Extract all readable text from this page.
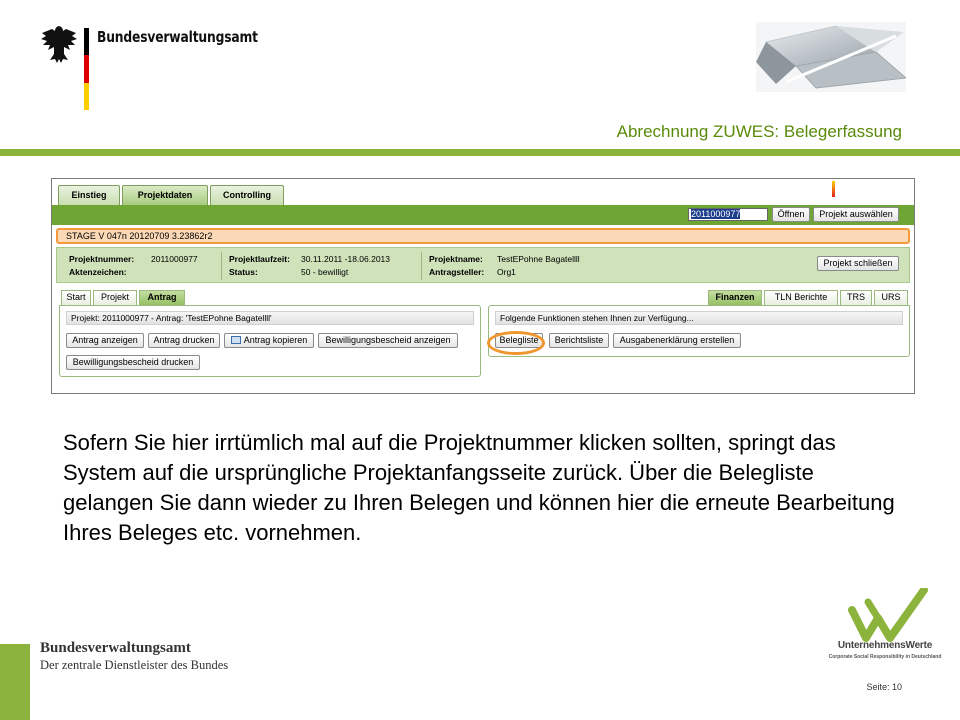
Bundesverwaltungsamt
Abrechnung ZUWES: Belegerfassung
Einstieg	Projektdaten	Controlling
2011000977	Öffnen	Projekt auswählen
STAGE V 047n 20120709 3.23862r2
Projektnummer: 2011000977
Aktenzeichen:
Projektlaufzeit: 30.11.2011 -18.06.2013
Status:	50 - bewilligt
Projektname: TestEPohne Bagatellll
Antragsteller: Org1
Projekt schließen
Start	Projekt	Antrag	Finanzen	TLN Berichte	TRS	URS
Projekt: 2011000977 - Antrag: 'TestEPohne Bagatellll'
Antrag anzeigen	Antrag drucken	Antrag kopieren	Bewilligungsbescheid anzeigen
Bewilligungsbescheid drucken
Folgende Funktionen stehen Ihnen zur Verfügung...
Belegliste	Berichtsliste	Ausgabenerklärung erstellen
Sofern Sie hier irrtümlich mal auf die Projektnummer klicken sollten, springt das System auf die ursprüngliche Projektanfangsseite zurück. Über die Belegliste gelangen Sie dann wieder zu Ihren Belegen und können hier die erneute Bearbeitung Ihres Beleges etc. vornehmen.
Bundesverwaltungsamt
Der zentrale Dienstleister des Bundes
UnternehmensWerte
Corporate Social Responsibility in Deutschland
Seite: 10
